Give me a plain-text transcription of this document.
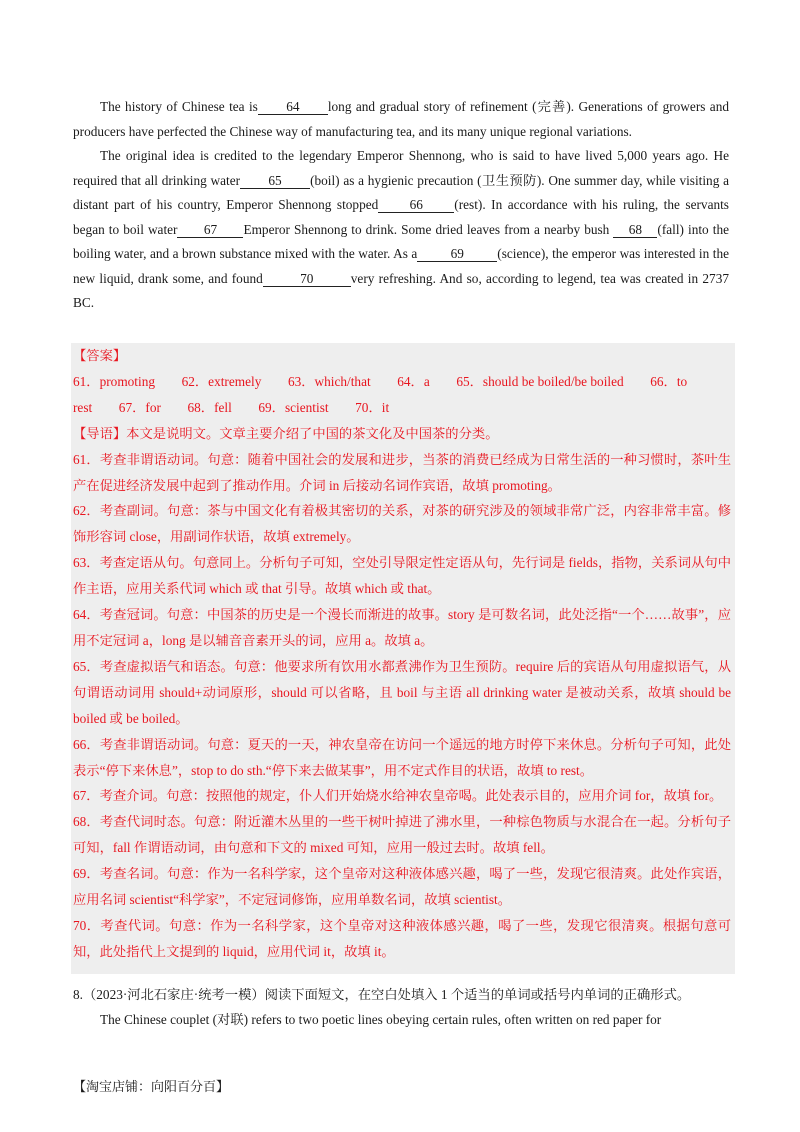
The history of Chinese tea is 64 long and gradual story of refinement (完善). Generations of growers and producers have perfected the Chinese way of manufacturing tea, and its many unique regional variations.

The original idea is credited to the legendary Emperor Shennong, who is said to have lived 5,000 years ago. He required that all drinking water 65 (boil) as a hygienic precaution (卫生预防). One summer day, while visiting a distant part of his country, Emperor Shennong stopped 66 (rest). In accordance with his ruling, the servants began to boil water 67 Emperor Shennong to drink. Some dried leaves from a nearby bush 68 (fall) into the boiling water, and a brown substance mixed with the water. As a	69	(science), the emperor was interested in the new liquid, drank some, and found	70	very refreshing. And so, according to legend, tea was created in 2737 BC.

【答案】
61．promoting　　62．extremely　　63．which/that　　64．a　　65．should be boiled/be boiled　　66．to
rest　　67．for　　68．fell　　69．scientist　　70．it
【导语】本文是说明文。文章主要介绍了中国的茶文化及中国茶的分类。
61．考查非谓语动词。句意：随着中国社会的发展和进步，当茶的消费已经成为日常生活的一种习惯时，茶叶生产在促进经济发展中起到了推动作用。介词 in 后接动名词作宾语，故填 promoting。
62．考查副词。句意：茶与中国文化有着极其密切的关系，对茶的研究涉及的领域非常广泛，内容非常丰富。修饰形容词 close，用副词作状语，故填 extremely。
63．考查定语从句。句意同上。分析句子可知，空处引导限定性定语从句，先行词是 fields，指物，关系词从句中作主语，应用关系代词 which 或 that 引导。故填 which 或 that。
64．考查冠词。句意：中国茶的历史是一个漫长而渐进的故事。story 是可数名词，此处泛指“一个……故事”，应用不定冠词 a，long 是以辅音音素开头的词，应用 a。故填 a。
65．考查虚拟语气和语态。句意：他要求所有饮用水都煮沸作为卫生预防。require 后的宾语从句用虚拟语气，从句谓语动词用 should+动词原形，should 可以省略，且 boil 与主语 all drinking water 是被动关系，故填 should be boiled 或 be boiled。
66．考查非谓语动词。句意：夏天的一天，神农皇帝在访问一个遥远的地方时停下来休息。分析句子可知，此处表示“停下来休息”，stop to do sth.“停下来去做某事”，用不定式作目的状语，故填 to rest。
67．考查介词。句意：按照他的规定，仆人们开始烧水给神农皇帝喝。此处表示目的，应用介词 for，故填 for。
68．考查代词时态。句意：附近灌木丛里的一些干树叶掉进了沸水里，一种棕色物质与水混合在一起。分析句子可知，fall 作谓语动词，由句意和下文的 mixed 可知，应用一般过去时。故填 fell。
69．考查名词。句意：作为一名科学家，这个皇帝对这种液体感兴趣，喝了一些，发现它很清爽。此处作宾语，应用名词 scientist“科学家”，不定冠词修饰，应用单数名词，故填 scientist。
70．考查代词。句意：作为一名科学家，这个皇帝对这种液体感兴趣，喝了一些，发现它很清爽。根据句意可知，此处指代上文提到的 liquid，应用代词 it，故填 it。

8.（2023·河北石家庄·统考一模）阅读下面短文，在空白处填入 1 个适当的单词或括号内单词的正确形式。

The Chinese couplet (对联) refers to two poetic lines obeying certain rules, often written on red paper for

【淘宝店铺：向阳百分百】
